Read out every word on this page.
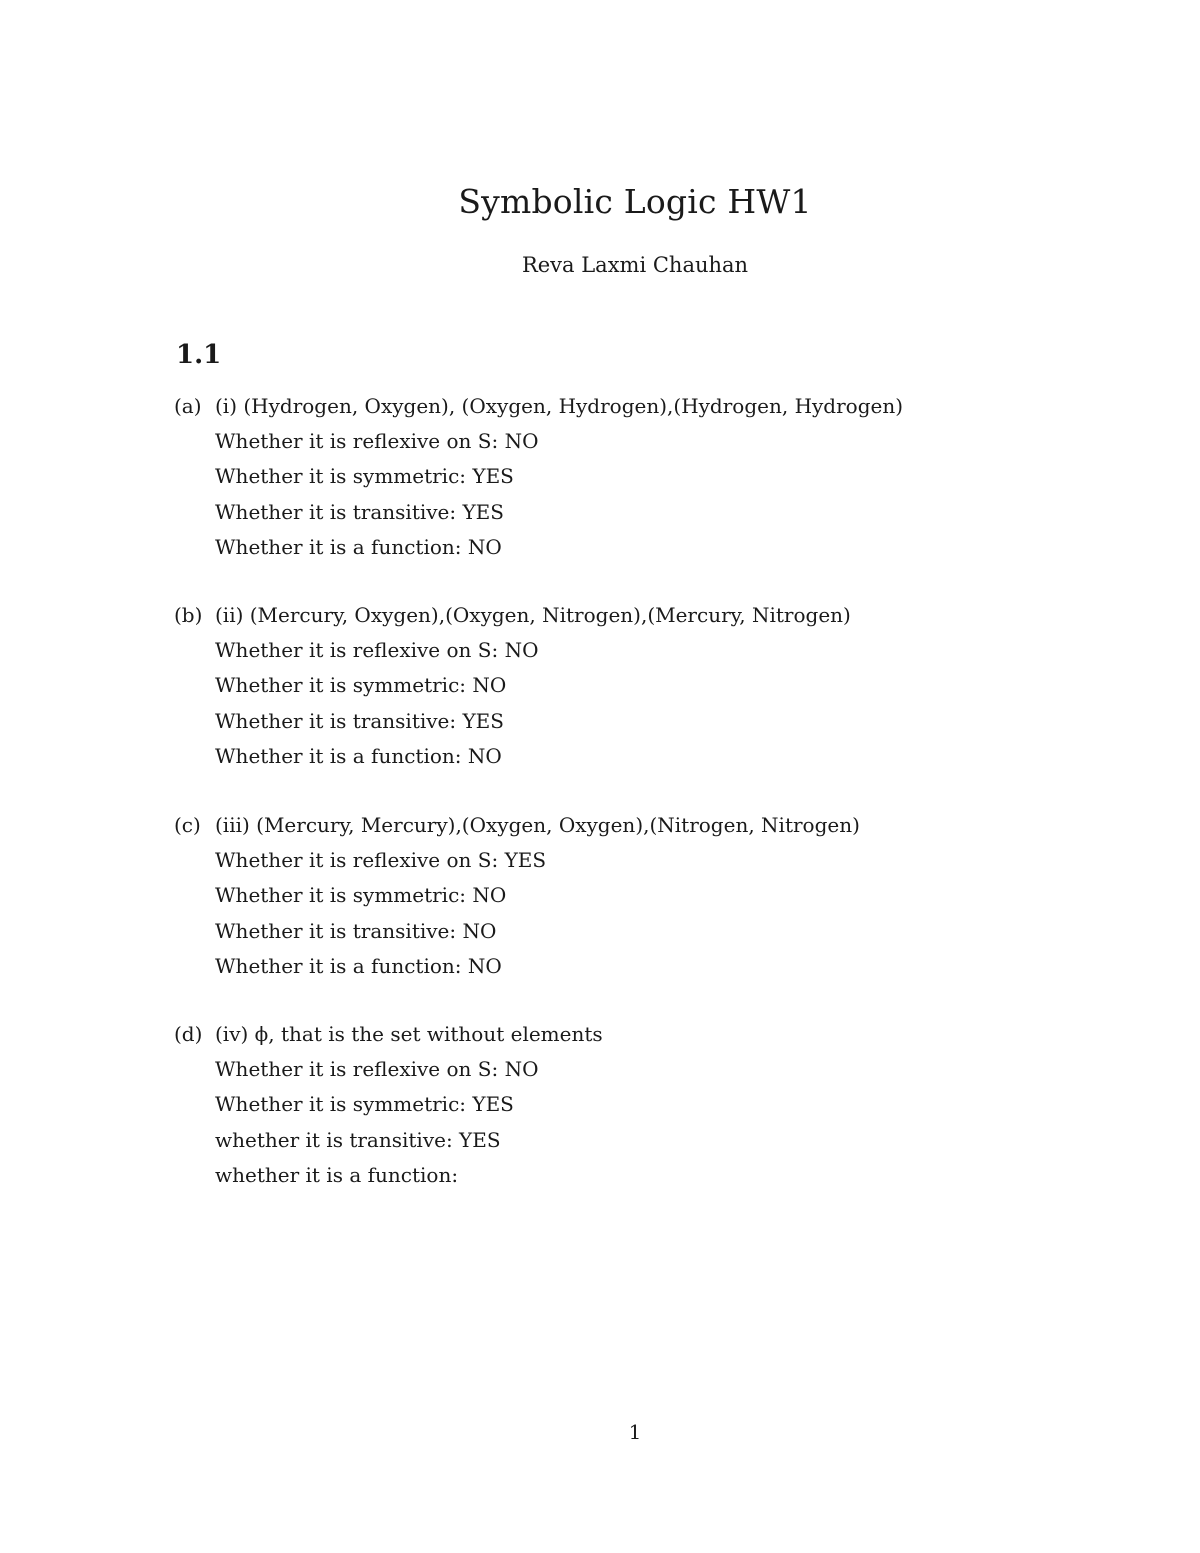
Symbolic Logic HW1
Reva Laxmi Chauhan
1.1
(a) (i) (Hydrogen, Oxygen), (Oxygen, Hydrogen),(Hydrogen, Hydrogen)
Whether it is reflexive on S: NO
Whether it is symmetric: YES
Whether it is transitive: YES
Whether it is a function: NO
(b) (ii) (Mercury, Oxygen),(Oxygen, Nitrogen),(Mercury, Nitrogen)
Whether it is reflexive on S: NO
Whether it is symmetric: NO
Whether it is transitive: YES
Whether it is a function: NO
(c) (iii) (Mercury, Mercury),(Oxygen, Oxygen),(Nitrogen, Nitrogen)
Whether it is reflexive on S: YES
Whether it is symmetric: NO
Whether it is transitive: NO
Whether it is a function: NO
(d) (iv) ϕ, that is the set without elements
Whether it is reflexive on S: NO
Whether it is symmetric: YES
whether it is transitive: YES
whether it is a function:
1
